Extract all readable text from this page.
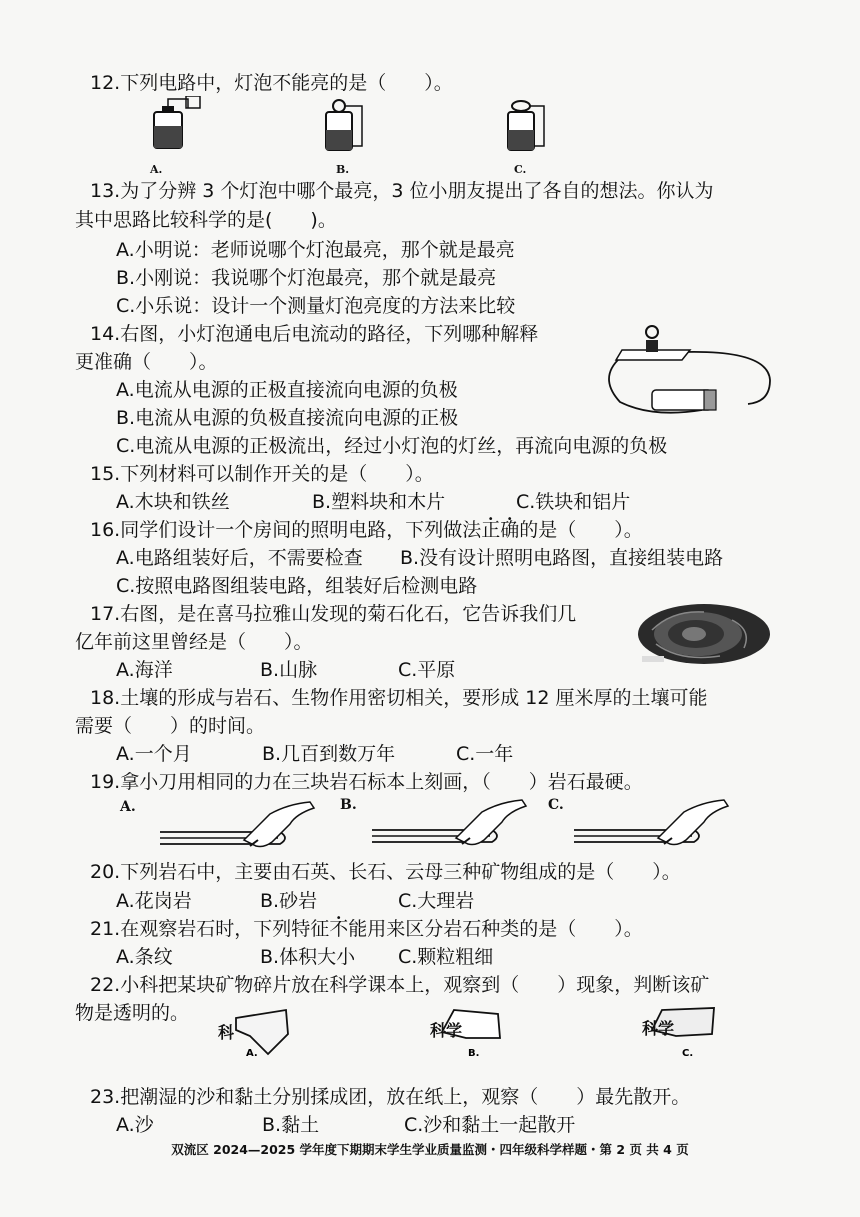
12.下列电路中，灯泡不能亮的是（　　）。
A.	B.	C.
13.为了分辨 3 个灯泡中哪个最亮，3 位小朋友提出了各自的想法。你认为
其中思路比较科学的是(　　)。
A.小明说：老师说哪个灯泡最亮，那个就是最亮
B.小刚说：我说哪个灯泡最亮，那个就是最亮
C.小乐说：设计一个测量灯泡亮度的方法来比较
14.右图，小灯泡通电后电流动的路径，下列哪种解释
更准确（　　）。
A.电流从电源的正极直接流向电源的负极
B.电流从电源的负极直接流向电源的正极
C.电流从电源的正极流出，经过小灯泡的灯丝，再流向电源的负极
15.下列材料可以制作开关的是（　　）。
A.木块和铁丝	B.塑料块和木片	C.铁块和铝片
16.同学们设计一个房间的照明电路，下列做法正确的是（　　）。
A.电路组装好后，不需要检查 B.没有设计照明电路图，直接组装电路
C.按照电路图组装电路，组装好后检测电路
17.右图，是在喜马拉雅山发现的菊石化石，它告诉我们几
亿年前这里曾经是（　　）。
A.海洋	B.山脉	C.平原
18.土壤的形成与岩石、生物作用密切相关，要形成 12 厘米厚的土壤可能
需要（　　）的时间。
A.一个月	B.几百到数万年	C.一年
19.拿小刀用相同的力在三块岩石标本上刻画，（　　）岩石最硬。
A.	B.	C.
20.下列岩石中，主要由石英、长石、云母三种矿物组成的是（　　）。
A.花岗岩	B.砂岩	C.大理岩
21.在观察岩石时，下列特征不能用来区分岩石种类的是（　　）。
A.条纹	B.体积大小 C.颗粒粗细
22.小科把某块矿物碎片放在科学课本上，观察到（　　）现象，判断该矿
物是透明的。
科
A.
科学
B.
科学
C.
23.把潮湿的沙和黏土分别揉成团，放在纸上，观察（　　）最先散开。
A.沙	B.黏土	C.沙和黏土一起散开
双流区 2024—2025 学年度下期期末学生学业质量监测・四年级科学样题・第 2 页 共 4 页
